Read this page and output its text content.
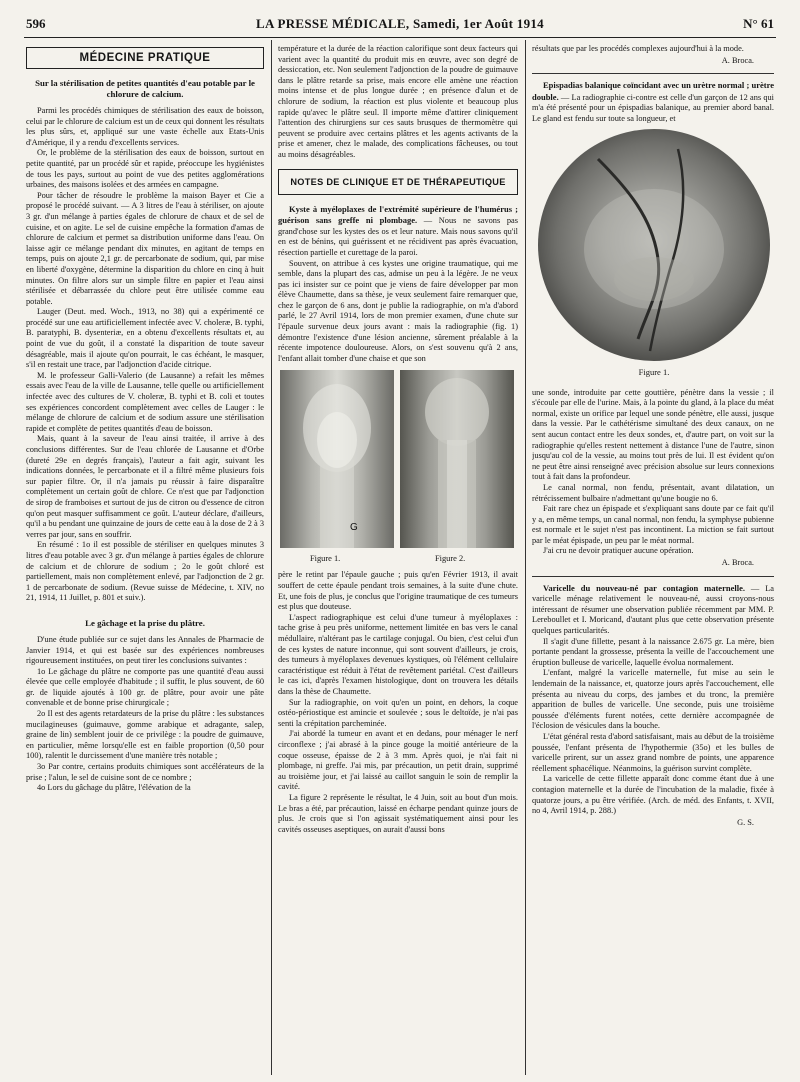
596	LA PRESSE MÉDICALE, Samedi, 1er Août 1914	N° 61
MÉDECINE PRATIQUE
Sur la stérilisation de petites quantités d'eau potable par le chlorure de calcium.

Parmi les procédés chimiques de stérilisation des eaux de boisson, celui par le chlorure de calcium est un de ceux qui donnent les résultats les plus sûrs, et, appliqué sur une vaste échelle aux Etats-Unis d'Amérique, il y a rendu d'excellents services.

Or, le problème de la stérilisation des eaux de boisson, surtout en petite quantité, par un procédé sûr et rapide, préoccupe les hygiénistes de tous les pays, surtout au point de vue des petites agglomérations urbaines, des maisons isolées et des armées en campagne.

Pour tâcher de résoudre le problème la maison Bayer et Cie a proposé le procédé suivant. — A 3 litres de l'eau à stériliser, on ajoute 3 gr. d'un mélange à parties égales de chlorure de chaux et de sel de cuisine, et on agite. Le sel de cuisine empêche la formation d'amas de chlorure de calcium et permet sa distribution uniforme dans l'eau. On laisse agir ce mélange pendant dix minutes, en agitant de temps en temps, puis on ajoute 2,1 gr. de percarbonate de sodium, qui, par mise en liberté d'oxygène, détermine la disparition du chlore en cinq à huit minutes. On filtre alors sur un simple filtre en papier et l'eau ainsi stérilisée et débarrassée du chlore peut être utilisée comme eau potable.

Lauger (Deut. med. Woch., 1913, no 38) qui a expérimenté ce procédé sur une eau artificiellement infectée avec V. choleræ, B. typhi, B. paratyphi, B. dysenteriæ, en a obtenu d'excellents résultats et, au point de vue du goût, il a constaté la disparition de toute saveur désagréable, mais il ajoute qu'on pourrait, le cas échéant, le masquer, s'il en restait une trace, par l'adjonction d'acide citrique.

M. le professeur Galli-Valerio (de Lausanne) a refait les mêmes essais avec l'eau de la ville de Lausanne, telle quelle ou artificiellement infectée avec des cultures de V. choleræ, B. typhi et B. coli et toutes ses expériences concordent complètement avec celles de Lauger : le mélange de chlorure de calcium et de sodium assure une stérilisation rapide et complète de petites quantités d'eau de boisson.

Mais, quant à la saveur de l'eau ainsi traitée, il arrive à des conclusions différentes. Sur de l'eau chlorée de Lausanne et d'Orbe (dureté 29e en degrés français), l'auteur a fait agir, suivant les indications données, le percarbonate et il a filtré même plusieurs fois sur papier filtre. Or, il n'a jamais pu réussir à faire disparaître complètement un certain goût de chlore. Ce n'est que par l'adjonction de sirop de framboises et surtout de jus de citron ou d'essence de citron qu'on peut masquer suffisamment ce goût. L'auteur déclare, d'ailleurs, qu'il a bu pendant une quinzaine de jours de cette eau à la dose de 2 à 3 verres par jour, sans en souffrir.

En résumé : 1o il est possible de stériliser en quelques minutes 3 litres d'eau potable avec 3 gr. d'un mélange à parties égales de chlorure de calcium et de chlorure de sodium ; 2o le goût chloré est partiellement, mais non complètement enlevé, par l'adjonction de 2 gr. 1 de percarbonate de sodium. (Revue suisse de Médecine, t. XIV, no 21, 1914, 11 Juillet, p. 801 et suiv.).

Le gâchage et la prise du plâtre.

D'une étude publiée sur ce sujet dans les Annales de Pharmacie de Janvier 1914, et qui est basée sur des expériences nombreuses rigoureusement instituées, on peut tirer les conclusions suivantes :

1o Le gâchage du plâtre ne comporte pas une quantité d'eau aussi élevée que celle employée d'habitude ; il suffit, le plus souvent, de 60 gr. de liquide ajoutés à 100 gr. de plâtre, pour avoir une pâte convenable et de bonne prise chirurgicale ;

2o Il est des agents retardateurs de la prise du plâtre : les substances mucilagineuses (guimauve, gomme arabique et adragante, salep, graine de lin) semblent jouir de ce privilège : la poudre de guimauve, en particulier, même lorsqu'elle est en faible proportion (0,50 pour 100), ralentit le durcissement d'une manière très notable ;

3o Par contre, certains produits chimiques sont accélérateurs de la prise ; l'alun, le sel de cuisine sont de ce nombre ;

4o Lors du gâchage du plâtre, l'élévation de la

température et la durée de la réaction calorifique sont deux facteurs qui varient avec la quantité du produit mis en œuvre, avec son degré de dessiccation, etc. Non seulement l'adjonction de la poudre de guimauve dans le plâtre retarde sa prise, mais encore elle amène une réaction moins intense et de plus longue durée ; en présence d'alun et de chlorure de sodium, la réaction est plus violente et beaucoup plus rapide qu'avec le plâtre seul. Il importe même d'attirer cliniquement l'attention des chirurgiens sur ces sauts brusques de thermomètre qui peuvent se produire avec certains plâtres et les agents activants de la prise et amener, chez le malade, des complications fâcheuses, ou tout au moins désagréables.

NOTES DE CLINIQUE ET DE THÉRAPEUTIQUE

Kyste à myéloplaxes de l'extrémité supérieure de l'humérus ; guérison sans greffe ni plombage. — Nous ne savons pas grand'chose sur les kystes des os et leur nature. Mais nous savons qu'il en est de bénins, qui guérissent et ne récidivent pas après évacuation, résection partielle et curettage de la paroi.

Souvent, on attribue à ces kystes une origine traumatique, qui me semble, dans la plupart des cas, admise un peu à la légère. Je ne veux pas ici insister sur ce point que je viens de faire développer par mon élève Chaumette, dans sa thèse, je veux seulement faire remarquer que, chez le garçon de 6 ans, dont je publie la radiographie, on m'a d'abord parlé, le 27 Avril 1914, lors de mon premier examen, d'une chute sur l'épaule survenue deux jours avant : mais la radiographie (fig. 1) démontre l'existence d'une lésion ancienne, sûrement préalable à la récente impotence douloureuse. Alors, on s'est souvenu qu'à 2 ans, l'enfant allait tomber d'une chaise et que son

G
Figure 1.	Figure 2.

père le retint par l'épaule gauche ; puis qu'en Février 1913, il avait souffert de cette épaule pendant trois semaines, à la suite d'une chute. Et, une fois de plus, je conclus que l'origine traumatique de ces tumeurs est plus que douteuse.

L'aspect radiographique est celui d'une tumeur à myéloplaxes : tache grise à peu près uniforme, nettement limitée en bas vers le canal médullaire, n'altérant pas le cartilage conjugal. Ou bien, c'est celui d'un de ces kystes de nature inconnue, qui sont souvent d'ailleurs, je crois, des tumeurs à myéloplaxes devenues kystiques, où l'élément cellulaire caractéristique est réduit à l'état de revêtement pariétal. C'est d'ailleurs le cas ici, d'après l'examen histologique, dont on trouvera les détails dans la thèse de Chaumette.

Sur la radiographie, on voit qu'en un point, en dehors, la coque ostéo-périostique est amincie et soulevée ; sous le deltoïde, je n'ai pas senti la crépitation parcheminée.

J'ai abordé la tumeur en avant et en dedans, pour ménager le nerf circonflexe ; j'ai abrasé à la pince gouge la moitié antérieure de la coque osseuse, épaisse de 2 à 3 mm. Après quoi, je n'ai fait ni plombage, ni greffe. J'ai mis, par précaution, un petit drain, supprimé au troisième jour, et j'ai laissé au caillot sanguin le soin de remplir la cavité.

La figure 2 représente le résultat, le 4 Juin, soit au bout d'un mois. Le bras a été, par précaution, laissé en écharpe pendant quinze jours de plus. Je crois que si l'on agissait systématiquement ainsi pour les cavités osseuses aseptiques, on aurait d'aussi bons

résultats que par les procédés complexes aujourd'hui à la mode.

A. Broca.

Epispadias balanique coïncidant avec un urètre normal ; urètre double. — La radiographie ci-contre est celle d'un garçon de 12 ans qui m'a été présenté pour un épispadias balanique, au premier abord banal. Le gland est fendu sur toute sa longueur, et

Figure 1.

une sonde, introduite par cette gouttière, pénètre dans la vessie ; il s'écoule par elle de l'urine. Mais, à la pointe du gland, à la place du méat normal, existe un orifice par lequel une sonde pénètre, elle aussi, jusque dans la vessie. Par le cathétérisme simultané des deux canaux, on ne sent aucun contact entre les deux sondes, et, d'autre part, on voit sur la radiographie qu'elles restent nettement à distance l'une de l'autre, sinon jusqu'au col de la vessie, au moins tout près de lui. Il est évident qu'on ne peut être ainsi renseigné avec précision absolue sur leurs connexions tout à fait dans la profondeur.

Le canal normal, non fendu, présentait, avant dilatation, un rétrécissement bulbaire n'admettant qu'une bougie no 6.

Fait rare chez un épispade et s'expliquant sans doute par ce fait qu'il y a, en même temps, un canal normal, non fendu, la symphyse pubienne est normale et le sujet n'est pas incontinent. La miction se fait surtout par le méat épispade, un peu par le méat normal.

J'ai cru ne devoir pratiquer aucune opération.

A. Broca.

Varicelle du nouveau-né par contagion maternelle. — La varicelle ménage relativement le nouveau-né, aussi croyons-nous intéressant de résumer une observation publiée récemment par MM. P. Lereboullet et I. Moricand, d'autant plus que cette observation présente quelques particularités.

Il s'agit d'une fillette, pesant à la naissance 2.675 gr. La mère, bien portante pendant la grossesse, présenta la veille de l'accouchement une éruption bulleuse de varicelle, laquelle évolua normalement.

L'enfant, malgré la varicelle maternelle, fut mise au sein le lendemain de la naissance, et, quatorze jours après l'accouchement, elle présenta au niveau du corps, des jambes et du tronc, la première apparition de bulles de varicelle. Une seconde, puis une troisième poussée d'éléments furent notées, cette dernière accompagnée de l'éclosion de vésicules dans la bouche.

L'état général resta d'abord satisfaisant, mais au début de la troisième poussée, l'enfant présenta de l'hypothermie (35o) et les bulles de varicelle prirent, sur un assez grand nombre de points, une apparence réellement sphacélique. Néanmoins, la guérison survint complète.

La varicelle de cette fillette apparaît donc comme étant due à une contagion maternelle et la durée de l'incubation de la maladie, fixée à quatorze jours, a pu être vérifiée. (Arch. de méd. des Enfants, t. XVII, no 4, Avril 1914, p. 288.)

G. S.
